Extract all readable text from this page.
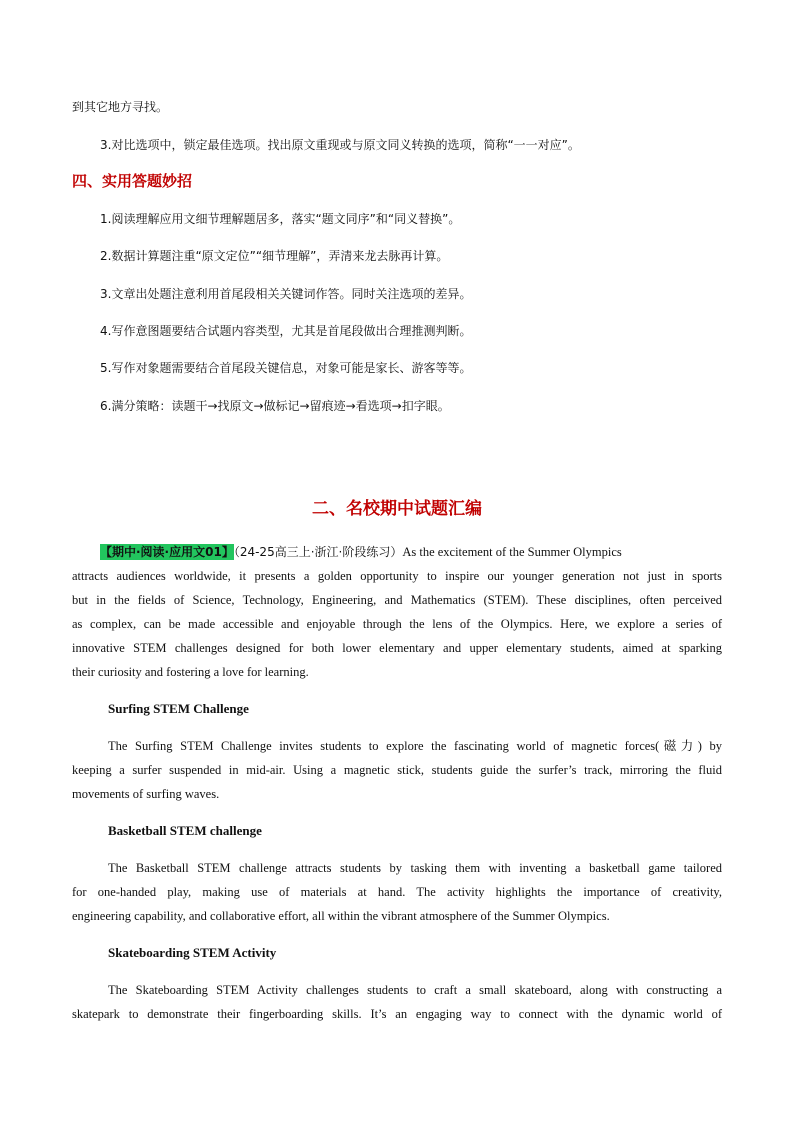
到其它地方寻找。
3.对比选项中，锁定最佳选项。找出原文重现或与原文同义转换的选项，简称“一一对应”。
四、实用答题妙招
1.阅读理解应用文细节理解题居多，落实“题文同序”和“同义替换”。
2.数据计算题注重“原文定位”“细节理解”，弄清来龙去脉再计算。
3.文章出处题注意利用首尾段相关关键词作答。同时关注选项的差异。
4.写作意图题要结合试题内容类型，尤其是首尾段做出合理推测判断。
5.写作对象题需要结合首尾段关键信息，对象可能是家长、游客等等。
6.满分策略：读题干→找原文→做标记→留痕迹→看选项→扣字眼。
二、名校期中试题汇编
【期中·阅读·应用文01】（24-25高三上·浙江·阶段练习）As the excitement of the Summer Olympics
attracts audiences worldwide, it presents a golden opportunity to inspire our younger generation not just in sports
but in the fields of Science, Technology, Engineering, and Mathematics (STEM). These disciplines, often perceived
as complex, can be made accessible and enjoyable through the lens of the Olympics. Here, we explore a series of
innovative STEM challenges designed for both lower elementary and upper elementary students, aimed at sparking
their curiosity and fostering a love for learning.
Surfing STEM Challenge
The Surfing STEM Challenge invites students to explore the fascinating world of magnetic forces(磁力) by
keeping a surfer suspended in mid-air. Using a magnetic stick, students guide the surfer’s track, mirroring the fluid
movements of surfing waves.
Basketball STEM challenge
The Basketball STEM challenge attracts students by tasking them with inventing a basketball game tailored
for one-handed play, making use of materials at hand. The activity highlights the importance of creativity,
engineering capability, and collaborative effort, all within the vibrant atmosphere of the Summer Olympics.
Skateboarding STEM Activity
The Skateboarding STEM Activity challenges students to craft a small skateboard, along with constructing a
skatepark to demonstrate their fingerboarding skills. It’s an engaging way to connect with the dynamic world of
